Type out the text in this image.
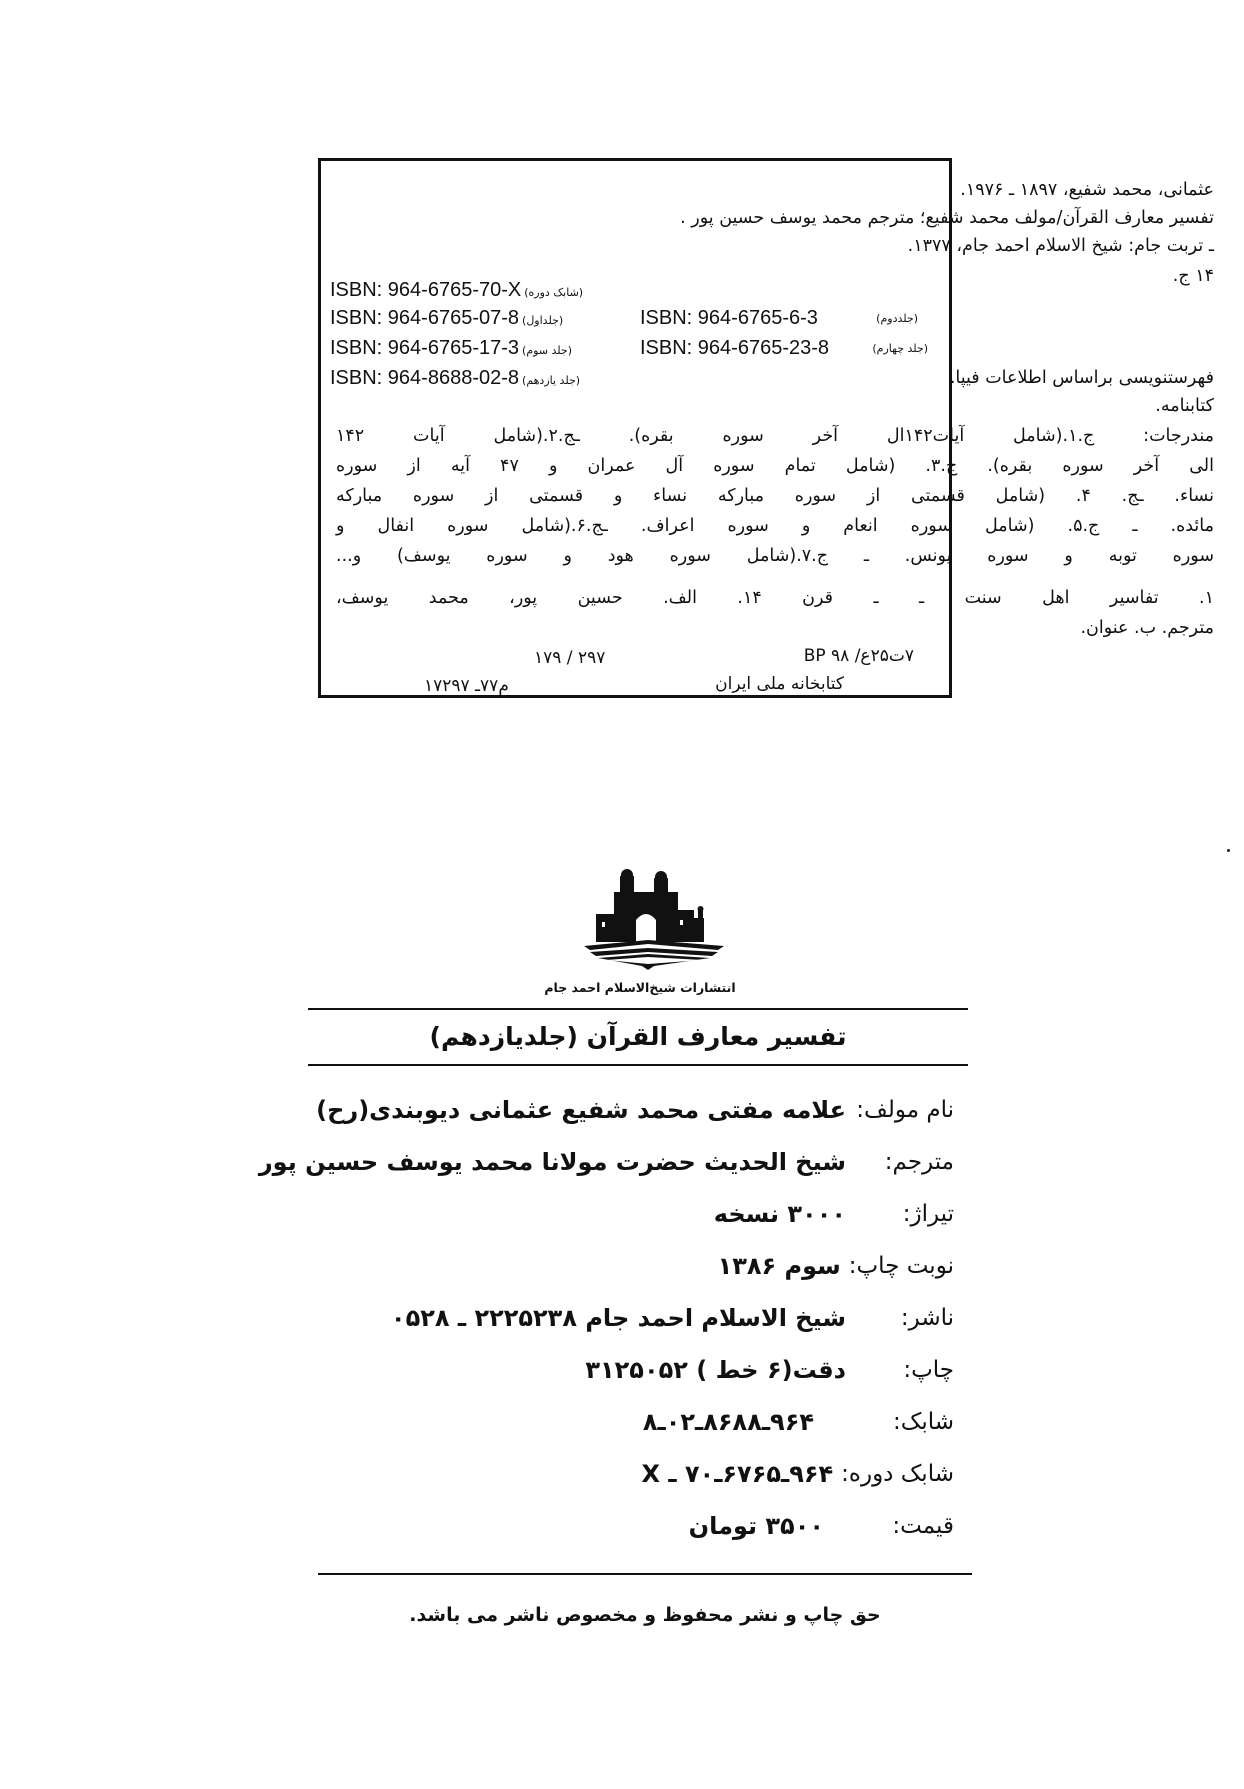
عثمانی، محمد شفیع، ۱۸۹۷ ـ ۱۹۷۶.
تفسیر معارف القرآن/مولف محمد شفیع؛ مترجم محمد یوسف حسین پور .
ـ تربت جام: شیخ الاسلام احمد جام، ۱۳۷۷.
۱۴ ج.
ISBN: 964-6765-70-X (شابک دوره)
ISBN: 964-6765-07-8 (جلداول)	ISBN: 964-6765-6-3	(جلددوم)
ISBN: 964-6765-17-3 (جلد سوم)	ISBN: 964-6765-23-8	(جلد چهارم)
فهرستنویسی براساس اطلاعات فیپا.
ISBN: 964-8688-02-8 (جلد یازدهم)
کتابنامه.
مندرجات: ج.۱.(شامل آیات۱۴۲ال آخر سوره بقره). ـج.۲.(شامل آیات ۱۴۲
الی آخر سوره بقره). ج.۳. (شامل تمام سوره آل عمران و ۴۷ آیه از سوره
نساء. ـج. ۴. (شامل قسمتی از سوره مبارکه نساء و قسمتی از سوره مبارکه
مائده. ـ ج.۵. (شامل سوره انعام و سوره اعراف. ـج.۶.(شامل سوره انفال و
سوره توبه و سوره یونس. ـ ج.۷.(شامل سوره هود و سوره یوسف) و...
۱. تفاسیر اهل سنت ـ ـ قرن ۱۴. الف. حسین پور، محمد یوسف،
مترجم. ب. عنوان.
۷ت۲۵ع/ ۹۸ BP
۲۹۷ / ۱۷۹
کتابخانه ملی ایران
م۷۷ـ ۱۷۲۹۷
انتشارات شیخ‌الاسلام احمد جام
تفسیر معارف القرآن (جلدیازدهم)
نام مولف:علامه مفتی محمد شفیع عثمانی دیوبندی(رح)
مترجم:شیخ الحدیث حضرت مولانا محمد یوسف حسین پور
تیراژ:۳۰۰۰ نسخه
نوبت چاپ:سوم ۱۳۸۶
ناشر:شیخ الاسلام احمد جام ۲۲۲۵۲۳۸ ـ ۰۵۲۸
چاپ:دقت(۶ خط ) ۳۱۲۵۰۵۲
شابک:۹۶۴ـ۸۶۸۸ـ۰۲ـ۸
شابک دوره:۹۶۴ـ۶۷۶۵ـ۷۰ ـ X
قیمت:۳۵۰۰ تومان
حق چاپ و نشر محفوظ و مخصوص ناشر می باشد.
